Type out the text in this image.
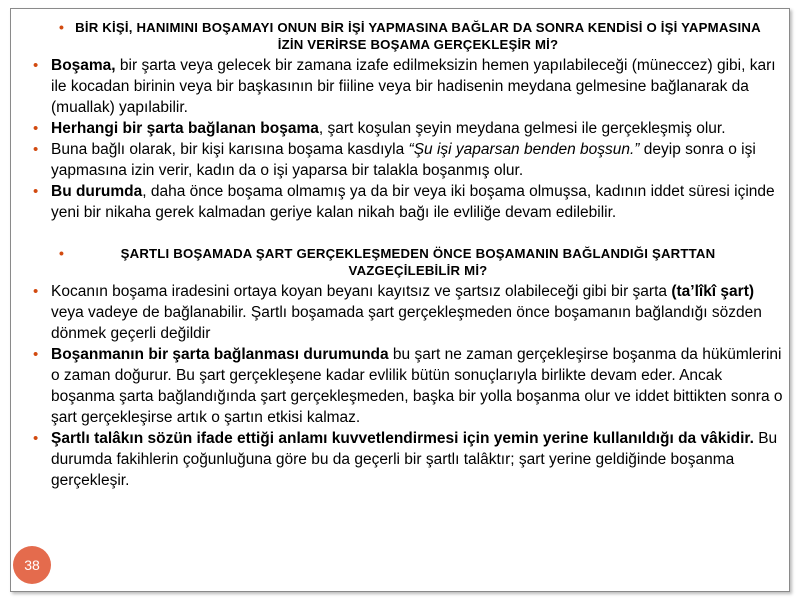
• BİR KİŞİ, HANIMINI BOŞAMAYI ONUN BİR İŞİ YAPMASINA BAĞLAR DA SONRA KENDİSİ O İŞİ YAPMASINA İZİN VERİRSE BOŞAMA GERÇEKLEŞİR Mİ?
• Boşama, bir şarta veya gelecek bir zamana izafe edilmeksizin hemen yapılabileceği (müneccez) gibi, karı ile kocadan birinin veya bir başkasının bir fiiline veya bir hadisenin meydana gelmesine bağlanarak da (muallak) yapılabilir.
• Herhangi bir şarta bağlanan boşama, şart koşulan şeyin meydana gelmesi ile gerçekleşmiş olur.
• Buna bağlı olarak, bir kişi karısına boşama kasdıyla “Şu işi yaparsan benden boşsun.” deyip sonra o işi yapmasına izin verir, kadın da o işi yaparsa bir talakla boşanmış olur.
• Bu durumda, daha önce boşama olmamış ya da bir veya iki boşama olmuşsa, kadının iddet süresi içinde yeni bir nikaha gerek kalmadan geriye kalan nikah bağı ile evliliğe devam edilebilir.
•	ŞARTLI BOŞAMADA ŞART GERÇEKLEŞMEDEN ÖNCE BOŞAMANIN BAĞLANDIĞI ŞARTTAN VAZGEÇİLEBİLİR Mİ?
• Kocanın boşama iradesini ortaya koyan beyanı kayıtsız ve şartsız olabileceği gibi bir şarta (ta’lîkî şart) veya vadeye de bağlanabilir. Şartlı boşamada şart gerçekleşmeden önce boşamanın bağlandığı sözden dönmek geçerli değildir
• Boşanmanın bir şarta bağlanması durumunda bu şart ne zaman gerçekleşirse boşanma da hükümlerini o zaman doğurur. Bu şart gerçekleşene kadar evlilik bütün sonuçlarıyla birlikte devam eder. Ancak boşanma şarta bağlandığında şart gerçekleşmeden, başka bir yolla boşanma olur ve iddet bittikten sonra o şart gerçekleşirse artık o şartın etkisi kalmaz.
• Şartlı talâkın sözün ifade ettiği anlamı kuvvetlendirmesi için yemin yerine kullanıldığı da vâkidir. Bu durumda fakihlerin çoğunluğuna göre bu da geçerli bir şartlı talâktır; şart yerine geldiğinde boşanma gerçekleşir.
38
